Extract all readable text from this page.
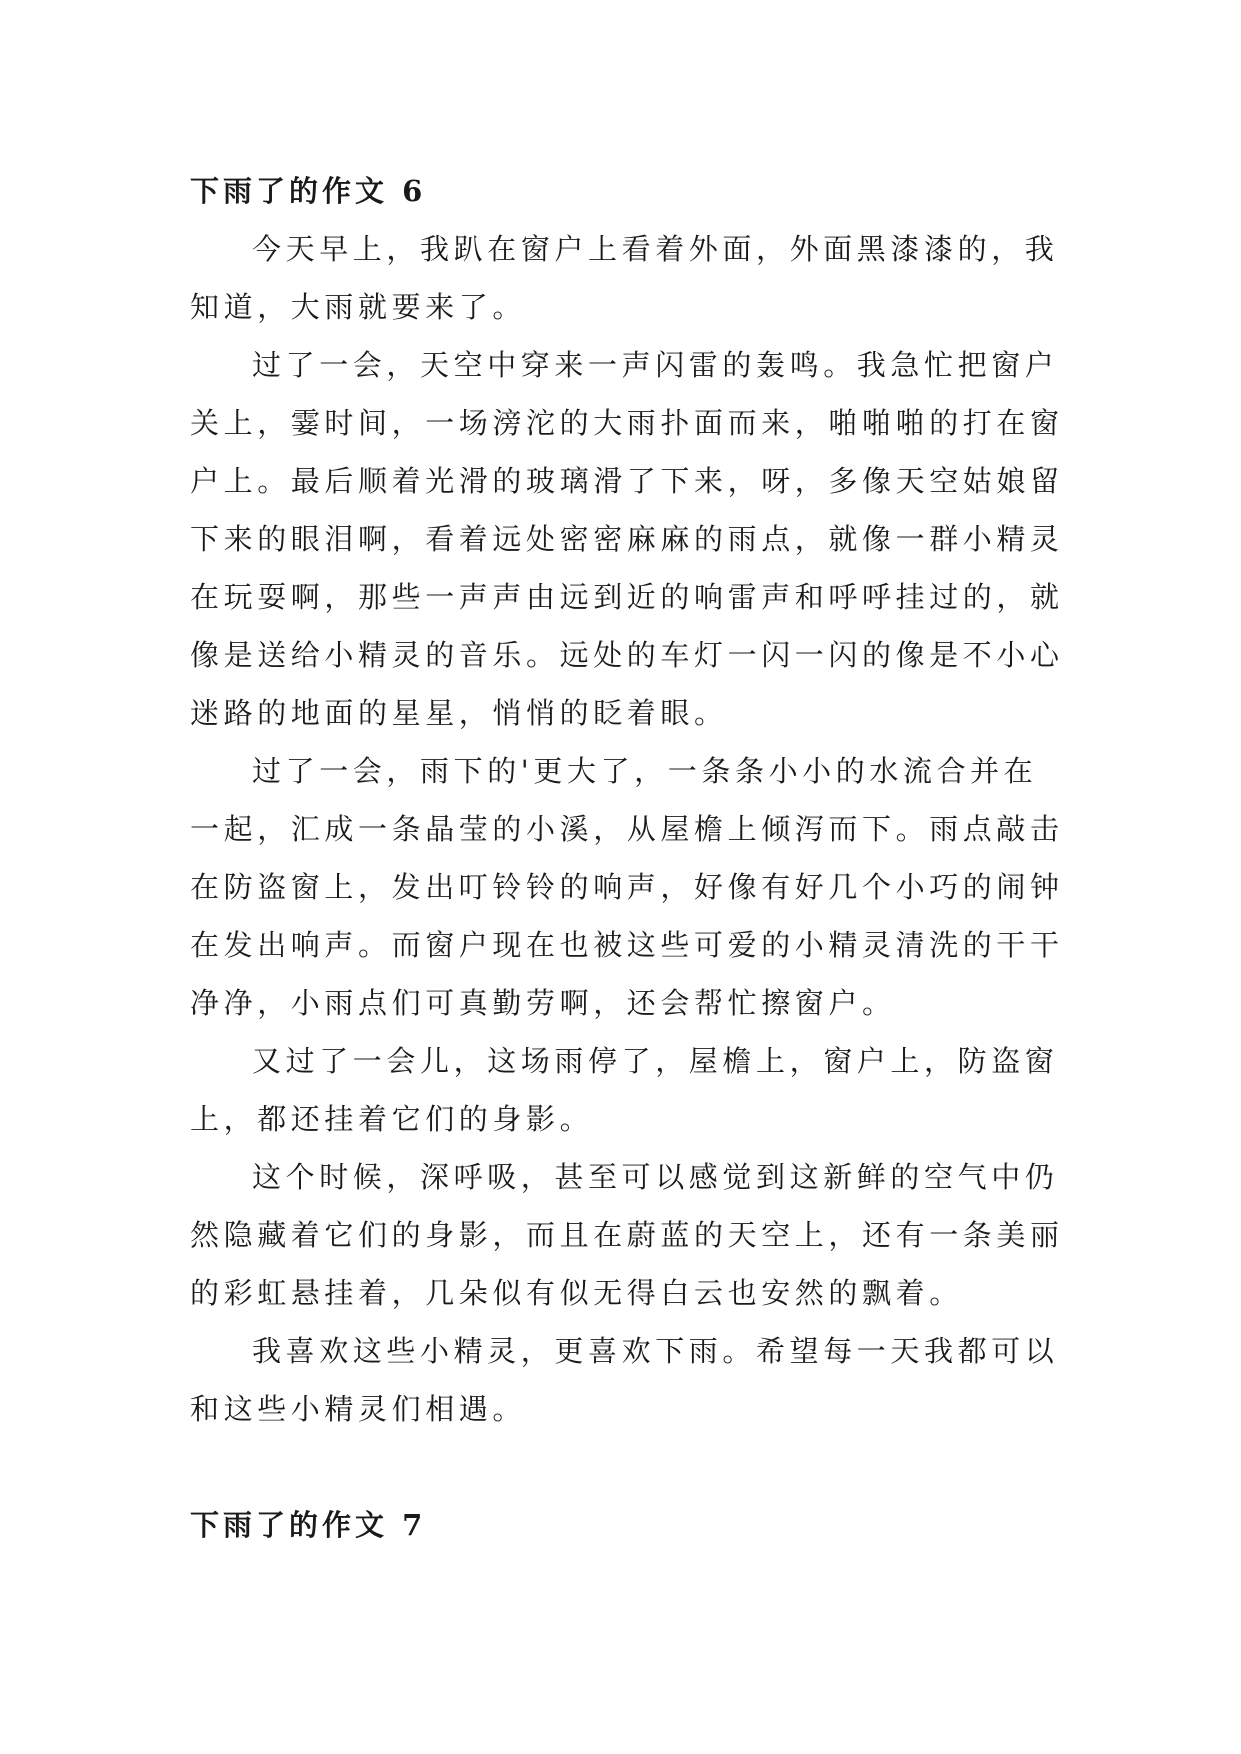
下雨了的作文 6

今天早上，我趴在窗户上看着外面，外面黑漆漆的，我
知道，大雨就要来了。

过了一会，天空中穿来一声闪雷的轰鸣。我急忙把窗户
关上，霎时间，一场滂沱的大雨扑面而来，啪啪啪的打在窗
户上。最后顺着光滑的玻璃滑了下来，呀，多像天空姑娘留
下来的眼泪啊，看着远处密密麻麻的雨点，就像一群小精灵
在玩耍啊，那些一声声由远到近的响雷声和呼呼挂过的，就
像是送给小精灵的音乐。远处的车灯一闪一闪的像是不小心
迷路的地面的星星，悄悄的眨着眼。

过了一会，雨下的'更大了，一条条小小的水流合并在
一起，汇成一条晶莹的小溪，从屋檐上倾泻而下。雨点敲击
在防盗窗上，发出叮铃铃的响声，好像有好几个小巧的闹钟
在发出响声。而窗户现在也被这些可爱的小精灵清洗的干干
净净，小雨点们可真勤劳啊，还会帮忙擦窗户。

又过了一会儿，这场雨停了，屋檐上，窗户上，防盗窗
上，都还挂着它们的身影。

这个时候，深呼吸，甚至可以感觉到这新鲜的空气中仍
然隐藏着它们的身影，而且在蔚蓝的天空上，还有一条美丽
的彩虹悬挂着，几朵似有似无得白云也安然的飘着。

我喜欢这些小精灵，更喜欢下雨。希望每一天我都可以
和这些小精灵们相遇。

下雨了的作文 7
